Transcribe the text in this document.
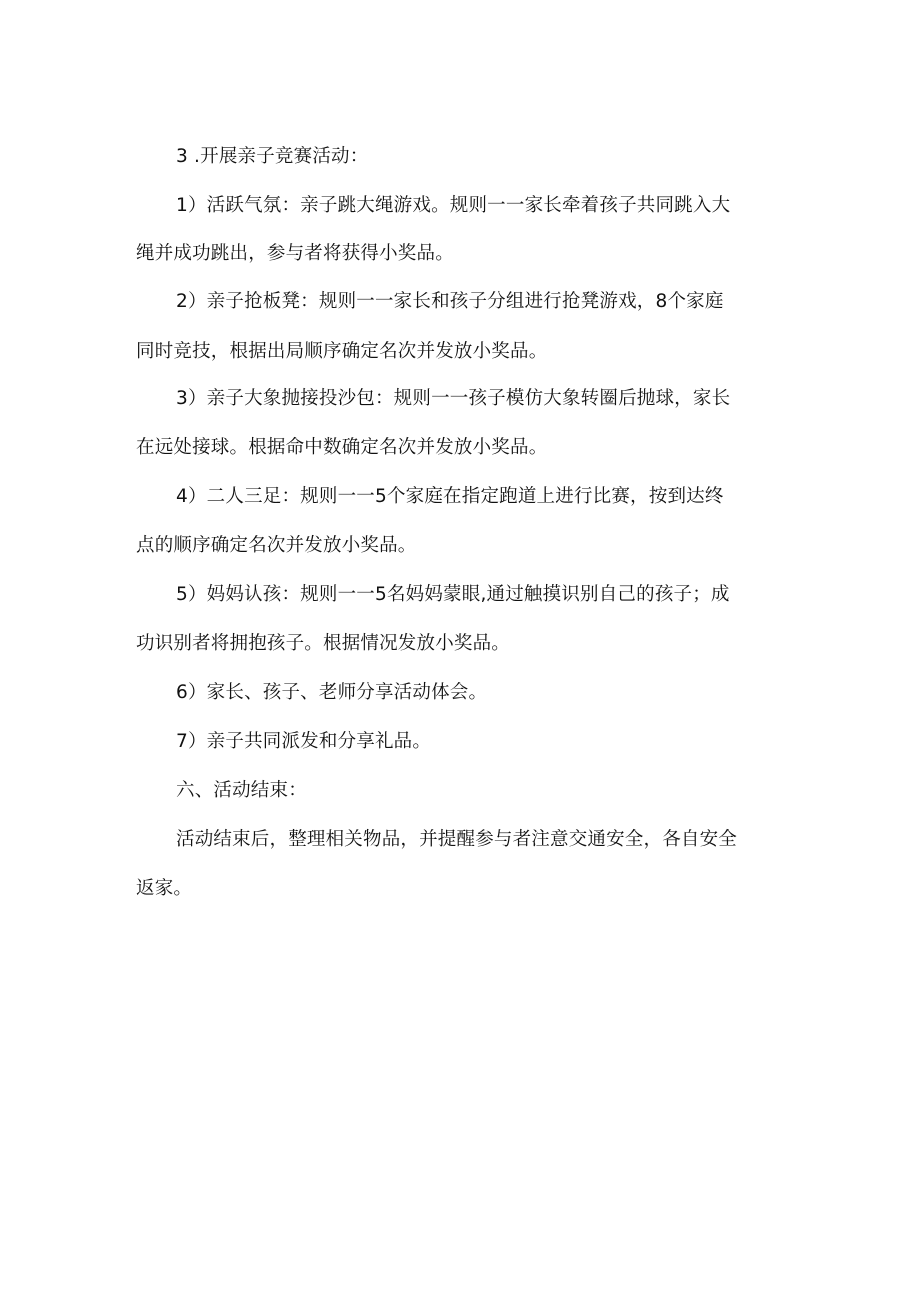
3 .开展亲子竞赛活动：
1）活跃气氛：亲子跳大绳游戏。规则一一家长牵着孩子共同跳入大
绳并成功跳出，参与者将获得小奖品。
2）亲子抢板凳：规则一一家长和孩子分组进行抢凳游戏，8个家庭
同时竞技，根据出局顺序确定名次并发放小奖品。
3）亲子大象抛接投沙包：规则一一孩子模仿大象转圈后抛球，家长
在远处接球。根据命中数确定名次并发放小奖品。
4）二人三足：规则一一5个家庭在指定跑道上进行比赛，按到达终
点的顺序确定名次并发放小奖品。
5）妈妈认孩：规则一一5名妈妈蒙眼,通过触摸识别自己的孩子；成
功识别者将拥抱孩子。根据情况发放小奖品。
6）家长、孩子、老师分享活动体会。
7）亲子共同派发和分享礼品。
六、活动结束：
活动结束后，整理相关物品，并提醒参与者注意交通安全，各自安全
返家。
